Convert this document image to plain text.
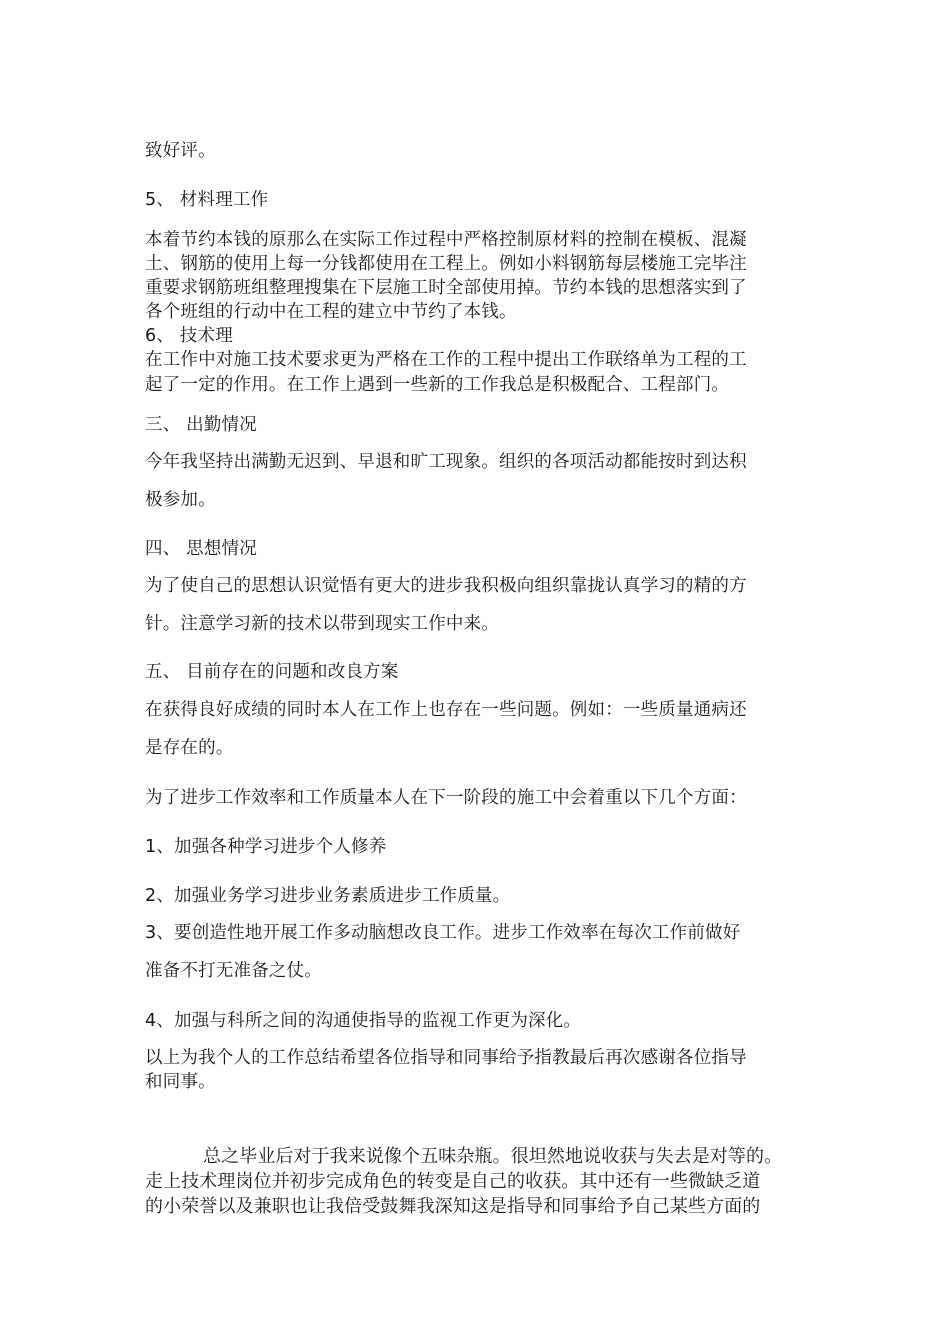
致好评。
5、 材料理工作
本着节约本钱的原那么在实际工作过程中严格控制原材料的控制在模板、混凝
土、钢筋的使用上每一分钱都使用在工程上。例如小料钢筋每层楼施工完毕注
重要求钢筋班组整理搜集在下层施工时全部使用掉。节约本钱的思想落实到了
各个班组的行动中在工程的建立中节约了本钱。
6、 技术理
在工作中对施工技术要求更为严格在工作的工程中提出工作联络单为工程的工
起了一定的作用。在工作上遇到一些新的工作我总是积极配合、工程部门。
三、 出勤情况
今年我坚持出满勤无迟到、早退和旷工现象。组织的各项活动都能按时到达积
极参加。
四、 思想情况
为了使自己的思想认识觉悟有更大的进步我积极向组织靠拢认真学习的精的方
针。注意学习新的技术以带到现实工作中来。
五、 目前存在的问题和改良方案
在获得良好成绩的同时本人在工作上也存在一些问题。例如：一些质量通病还
是存在的。
为了进步工作效率和工作质量本人在下一阶段的施工中会着重以下几个方面：
1、加强各种学习进步个人修养
2、加强业务学习进步业务素质进步工作质量。
3、要创造性地开展工作多动脑想改良工作。进步工作效率在每次工作前做好
准备不打无准备之仗。
4、加强与科所之间的沟通使指导的监视工作更为深化。
以上为我个人的工作总结希望各位指导和同事给予指教最后再次感谢各位指导
和同事。
总之毕业后对于我来说像个五味杂瓶。很坦然地说收获与失去是对等的。
走上技术理岗位并初步完成角色的转变是自己的收获。其中还有一些微缺乏道
的小荣誉以及兼职也让我倍受鼓舞我深知这是指导和同事给予自己某些方面的
